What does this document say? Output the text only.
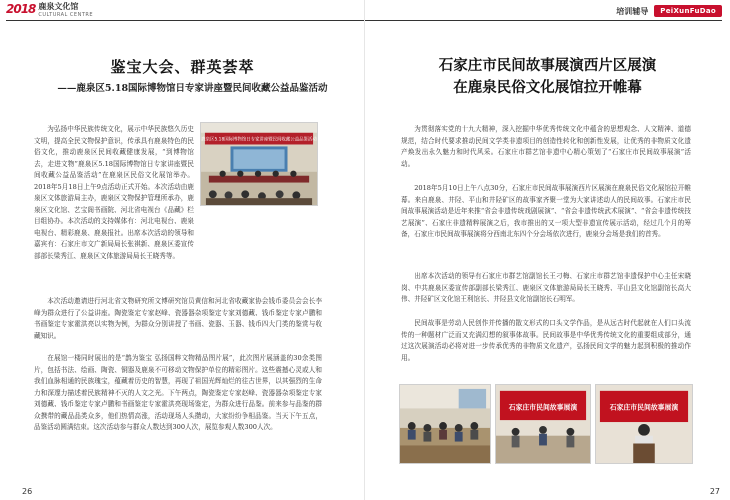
2018 鹿泉文化馆
CULTURAL CENTRE
鉴宝大会、群英荟萃
——鹿泉区5.18国际博物馆日专家讲座暨民间收藏公益品鉴活动
鹿泉区5.18国际博物馆日专家讲座暨民间收藏公益品鉴活动
为弘扬中华民族传统文化，展示中华民族悠久历史文明，提高全民文物保护意识，传承具有鹿泉特色的民俗文化，推动鹿泉区民间收藏健康发展，“到博物馆去，走进文物”鹿泉区5.18国际博物馆日专家讲座暨民间收藏公益品鉴活动”在鹿泉区民俗文化展馆举办。2018年5月18日上午9点活动正式开始。本次活动由鹿泉区文体旅游局主办，鹿泉区文物保护管理所承办，鹿泉区文化馆、艺宝阁书画院、河北省电视台《品藏》栏目组协办。本次活动的支持媒体有：河北电视台、鹿泉电视台、精彩鹿泉、鹿泉报社。出席本次活动的领导和嘉宾有：石家庄市文广新局局长张祺新、鹿泉区委宣传部部长梁秀江、鹿泉区文体旅游局局长王晓秀等。
本次活动邀请进行河北省文物研究所文博研究馆员黄信和河北省收藏家协会钱币委员会会长李峰为群众进行了公益讲座。陶瓷鉴定专家赵峰、瓷器器杂项鉴定专家刘德藏、钱币鉴定专家卢鹏和书画鉴定专家霍洪亮以实物为例，为群众分别讲授了书画、瓷器、玉器、钱币四大门类的鉴赏与收藏知识。
在展馆一楼同时展出的是“鹊为鉴宝 弘扬国粹文物精品图片展”，此次图片展涵盖的30余类图片，包括书法、绘画、陶瓷、铜器及鹿泉不可移动文物保护单位的精彩图片。这些震撼心灵或人和我们血脉相通的民族瑰宝，蕴藏着历史的智慧，再现了祖国光辉灿烂的往古世界，以其强烈的生命力和深邃力描述着民族精神不灭的人文之光。下午两点，陶瓷鉴定专家赵峰、瓷器器杂项鉴定专家刘德藏、钱币鉴定专家卢鹏和书画鉴定专家霍洪亮现场鉴定，为群众进行品鉴。前来参与品鉴的群众携带的藏品品类众多，他们热情高涨，活动现场人头攒动，大家纷纷争相品鉴。当天下午五点，品鉴活动圆满结束。这次活动参与群众人数达到300人次，展览参观人数300人次。
26
培训辅导	PeiXunFuDao
石家庄市民间故事展演西片区展演
在鹿泉民俗文化展馆拉开帷幕
为贯彻落实党的十九大精神，深入挖掘中华优秀传统文化中蕴含的思想观念、人文精神、道德规范，结合时代要求推动民间文学类非遗项目的创造性转化和创新性发展，让优秀的非物质文化遗产焕发出永久魅力和时代风采。石家庄市群艺馆非遗中心精心策划了“石家庄市民间故事展演”活动。
2018年5月10日上午八点30分，石家庄市民间故事展演西片区展演在鹿泉民俗文化展馆拉开帷幕。来自鹿泉、井陉、平山和井陉矿区的故事家齐聚一堂为大家讲述动人的民间故事。石家庄市民间故事展演活动是近年来推“省会非遗传统戏剧展演”、“省会非遗传统武术展演”、“省会非遗传统技艺展演”、石家庄非遗精粹展演之后，我市推出的又一项大型非遗宣传展示活动，经过几个月的筹备，石家庄市民间故事展演将分西南北东四个分会场依次进行，鹿泉分会场是我们的首秀。
出席本次活动的领导有石家庄市群艺馆副馆长王刁梅、石家庄市群艺馆非遗保护中心主任宋晓岗、中共鹿泉区委宣传部副部长梁秀江、鹿泉区文体旅游局局长王晓秀、平山县文化馆副馆长高大伟、井陉矿区文化馆王利馆长、井陉县文化馆副馆长石明军。
民间故事是劳动人民创作并传播的散文形式的口头文学作品，是从远古时代起就在人们口头流传的一种题材广泛而又充满幻想的叙事体故事。民间故事是中华优秀传统文化的重要组成部分，通过这次展演活动必将对进一步传承优秀的非物质文化遗产，弘扬民间文学的魅力起到积极的推动作用。
石家庄市民间故事展演	石家庄市民间故事展演
27
